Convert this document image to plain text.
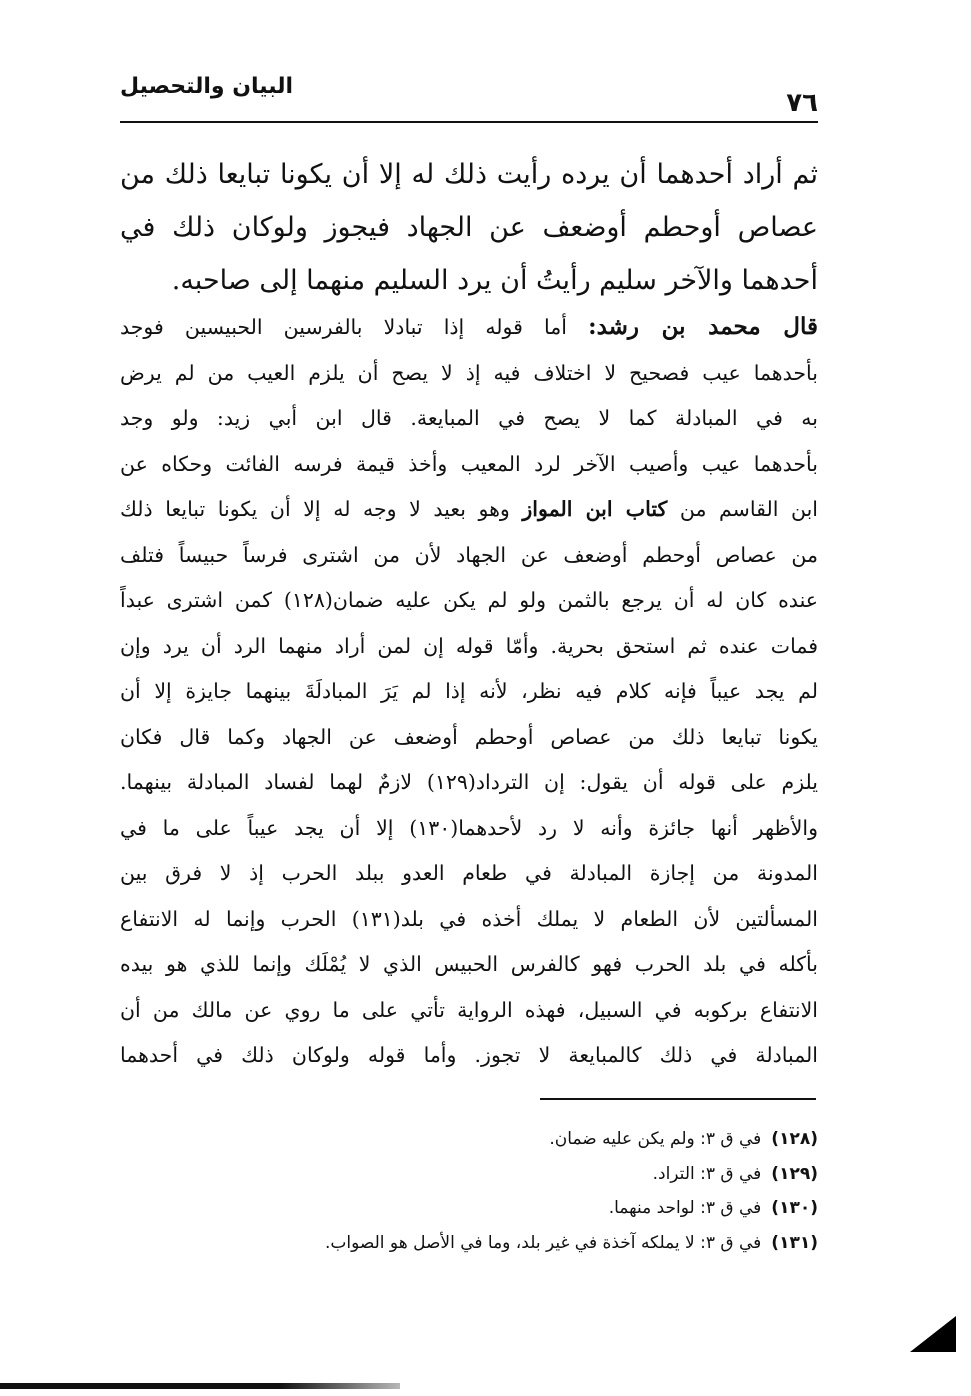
٧٦
البيان والتحصيل
ثم أراد أحدهما أن يرده رأيت ذلك له إلا أن يكونا تبايعا ذلك من
عصاص أوحطم أوضعف عن الجهاد فيجوز ولوكان ذلك في
أحدهما والآخر سليم رأيتُ أن يرد السليم منهما إلى صاحبه.
قال محمد بن رشد: أما قوله إذا تبادلا بالفرسين الحبيسين فوجد
بأحدهما عيب فصحيح لا اختلاف فيه إذ لا يصح أن يلزم العيب من لم يرض
به في المبادلة كما لا يصح في المبايعة. قال ابن أبي زيد: ولو وجد
بأحدهما عيب وأصيب الآخر لرد المعيب وأخذ قيمة فرسه الفائت وحكاه عن
ابن القاسم من كتاب ابن المواز وهو بعيد لا وجه له إلا أن يكونا تبايعا ذلك
من عصاص أوحطم أوضعف عن الجهاد لأن من اشترى فرساً حبيساً فتلف
عنده كان له أن يرجع بالثمن ولو لم يكن عليه ضمان(١٢٨) كمن اشترى عبداً
فمات عنده ثم استحق بحرية. وأمّا قوله إن لمن أراد منهما الرد أن يرد وإن
لم يجد عيباً فإنه كلام فيه نظر، لأنه إذا لم يَرَ المبادلَةَ بينهما جايزة إلا أن
يكونا تبايعا ذلك من عصاص أوحطم أوضعف عن الجهاد وكما قال فكان
يلزم على قوله أن يقول: إن الترداد(١٢٩) لازمٌ لهما لفساد المبادلة بينهما.
والأظهر أنها جائزة وأنه لا رد لأحدهما(١٣٠) إلا أن يجد عيباً على ما في
المدونة من إجازة المبادلة في طعام العدو ببلد الحرب إذ لا فرق بين
المسألتين لأن الطعام لا يملك أخذه في بلد(١٣١) الحرب وإنما له الانتفاع
بأكله في بلد الحرب فهو كالفرس الحبيس الذي لا يُمْلَك وإنما للذي هو بيده
الانتفاع بركوبه في السبيل، فهذه الرواية تأتي على ما روي عن مالك من أن
المبادلة في ذلك كالمبايعة لا تجوز. وأما قوله ولوكان ذلك في أحدهما
(١٢٨)في ق ٣: ولم يكن عليه ضمان.
(١٢٩)في ق ٣: التراد.
(١٣٠)في ق ٣: لواحد منهما.
(١٣١)في ق ٣: لا يملكه آخذة في غير بلد، وما في الأصل هو الصواب.
